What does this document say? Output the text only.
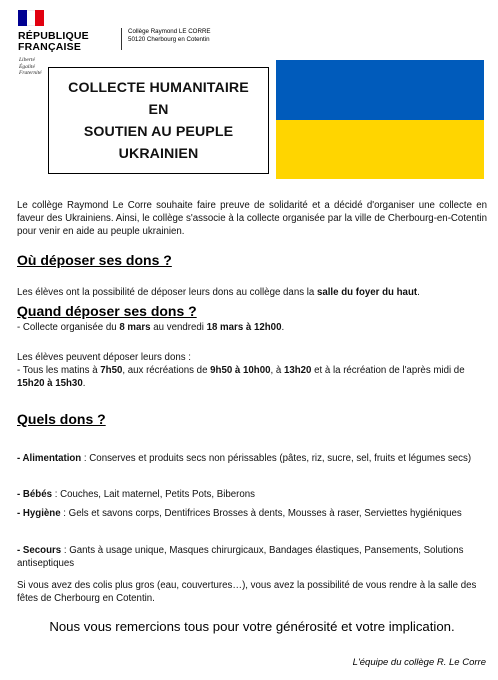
RÉPUBLIQUE
FRANÇAISE
Liberté
Égalité
Fraternité
Collège Raymond LE CORRE
50120 Cherbourg en Cotentin
COLLECTE HUMANITAIRE
EN
SOUTIEN AU PEUPLE
UKRAINIEN
Le collège Raymond Le Corre souhaite faire preuve de solidarité et a décidé d'organiser une collecte en faveur des Ukrainiens. Ainsi, le collège s'associe à la collecte organisée par la ville de Cherbourg-en-Cotentin pour venir en aide au peuple ukrainien.
Où déposer ses dons ?
Les élèves ont la possibilité de déposer leurs dons au collège dans la salle du foyer du haut.
Quand déposer ses dons ?
- Collecte organisée du 8 mars au vendredi 18 mars à 12h00.
Les élèves peuvent déposer leurs dons :
- Tous les matins à 7h50, aux récréations de 9h50 à 10h00, à 13h20 et à la récréation de l'après midi de 15h20 à 15h30.
Quels dons ?
- Alimentation : Conserves et produits secs non périssables (pâtes, riz, sucre, sel, fruits et légumes secs)
- Bébés : Couches, Lait maternel, Petits Pots, Biberons
- Hygiène : Gels et savons corps, Dentifrices Brosses à dents, Mousses à raser, Serviettes hygiéniques
- Secours : Gants à usage unique, Masques chirurgicaux, Bandages élastiques, Pansements, Solutions antiseptiques
Si vous avez des colis plus gros (eau, couvertures…), vous avez la possibilité de vous rendre à la salle des fêtes de Cherbourg en Cotentin.
Nous vous remercions tous pour votre générosité et votre implication.
L'équipe du collège R. Le Corre
